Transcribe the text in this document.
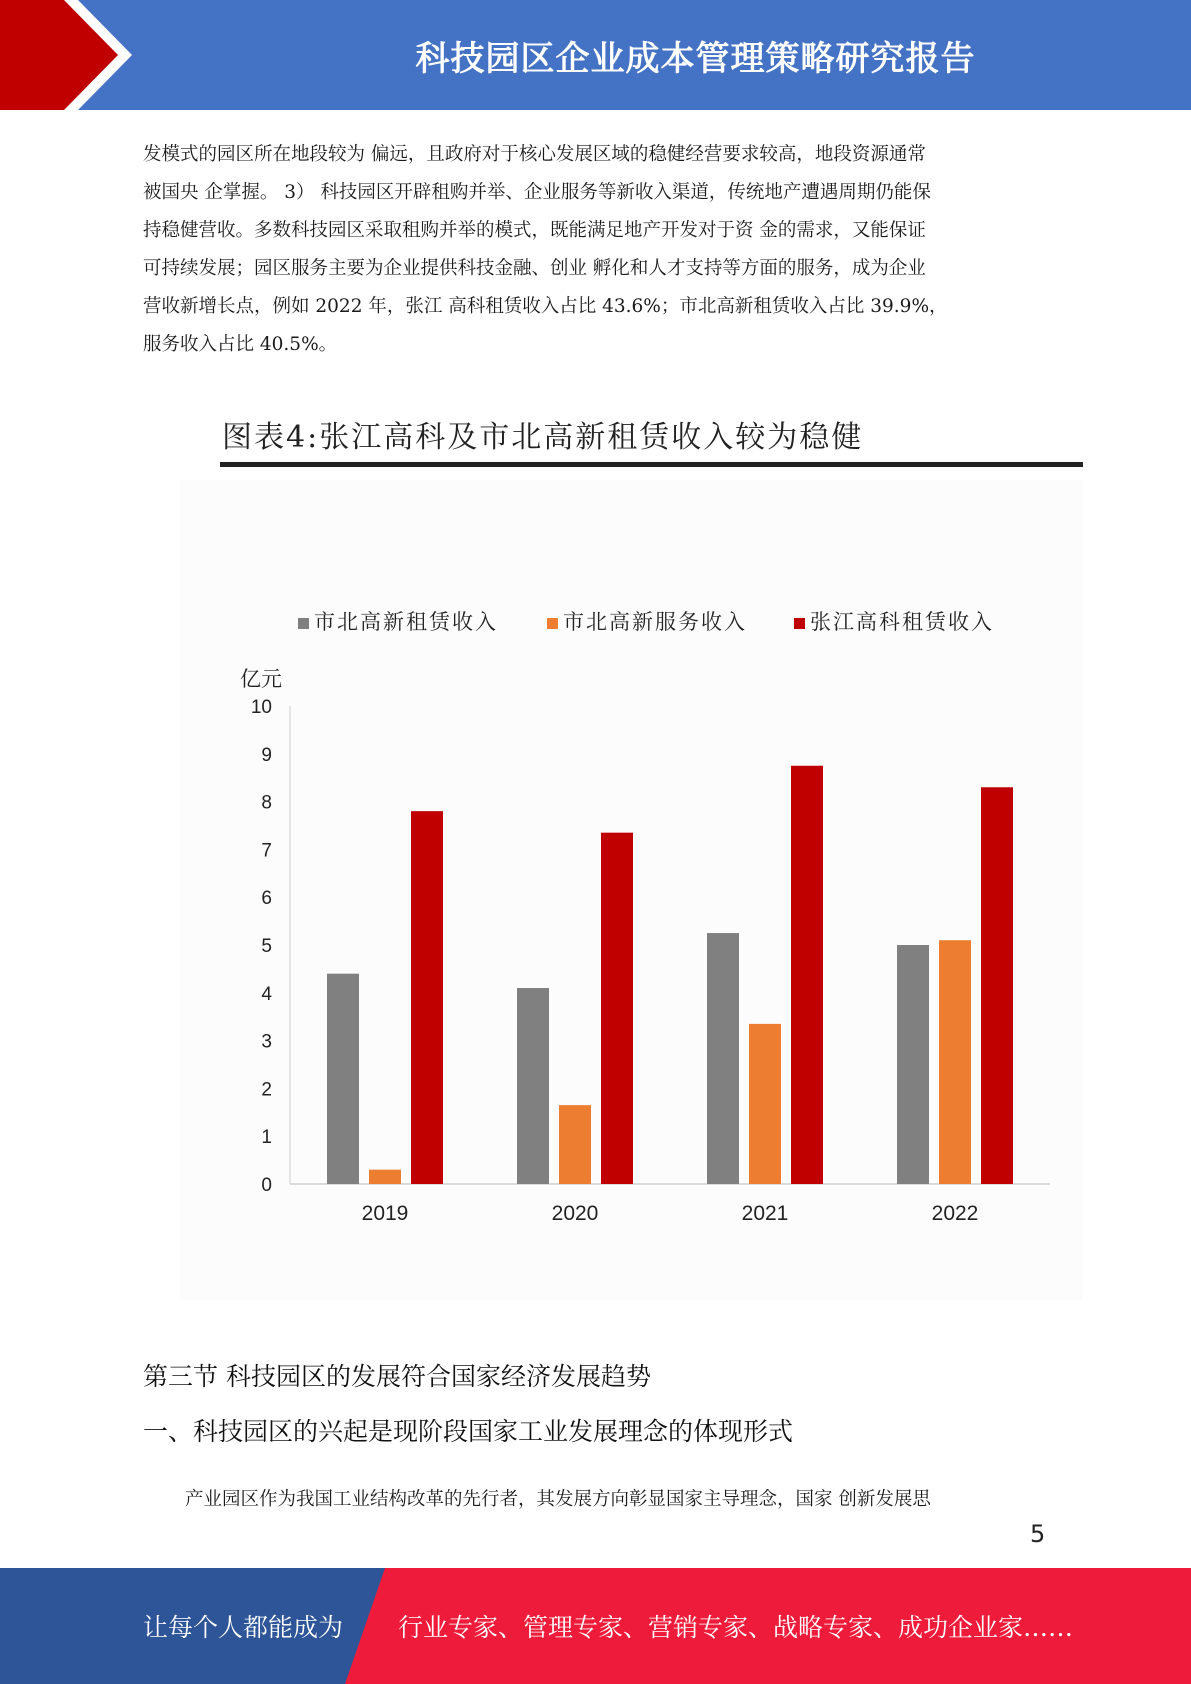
科技园区企业成本管理策略研究报告

发模式的园区所在地段较为 偏远，且政府对于核心发展区域的稳健经营要求较高，地段资源通常

被国央 企掌握。 3） 科技园区开辟租购并举、企业服务等新收入渠道，传统地产遭遇周期仍能保

持稳健营收。多数科技园区采取租购并举的模式，既能满足地产开发对于资 金的需求，又能保证

可持续发展；园区服务主要为企业提供科技金融、创业 孵化和人才支持等方面的服务，成为企业

营收新增长点，例如 2022 年，张江 高科租赁收入占比 43.6%；市北高新租赁收入占比 39.9%，

服务收入占比 40.5%。

图表4:张江高科及市北高新租赁收入较为稳健
0
1
2
3
4
5
6
7
8
9
10
亿元
2019	2020	2021	2022
市北高新租赁收入	市北高新服务收入	张江高科租赁收入
第三节 科技园区的发展符合国家经济发展趋势
一、科技园区的兴起是现阶段国家工业发展理念的体现形式
产业园区作为我国工业结构改革的先行者，其发展方向彰显国家主导理念，国家 创新发展思
5
让每个人都能成为 行业专家、管理专家、营销专家、战略专家、成功企业家……
